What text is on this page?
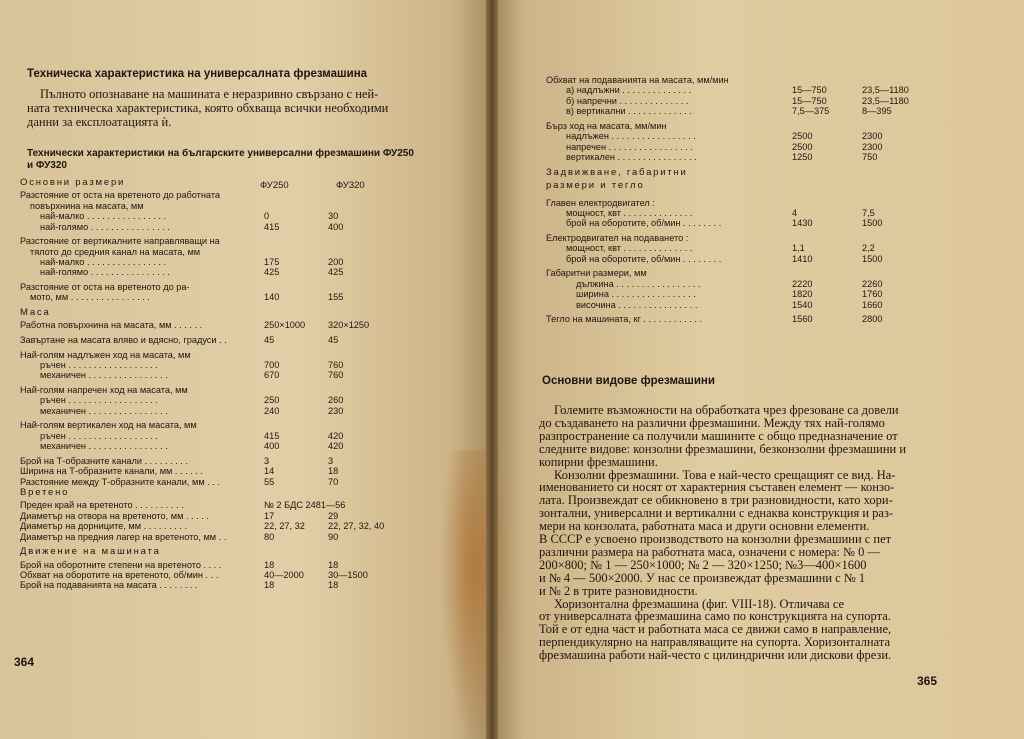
Техническа характеристика на универсалната фрезмашина
Пълното опознаване на машината е неразривно свързано с ней-
ната техническа характеристика, която обхваща всички необходими
данни за експлоатацията ѝ.
Технически характеристики на българските универсални фрезмашини ФУ250
и ФУ320
ФУ250	ФУ320
Основни размери
Разстояние от оста на вретеното до работната
повърхнина на масата, мм
най-малко . . . . . . . . . . . . . . . .	0	30
най-голямо . . . . . . . . . . . . . . . .	415	400
Разстояние от вертикалните направляващи на
тялото до средния канал на масата, мм
най-малко . . . . . . . . . . . . . . . .	175	200
най-голямо . . . . . . . . . . . . . . . .	425	425
Разстояние от оста на вретеното до ра-
мото, мм . . . . . . . . . . . . . . . .	140	155
Маса
Работна повърхнина на масата, мм . . . . . .	250×1000 320×1250
Завъртане на масата вляво и вдясно, градуси . .	45	45
Най-голям надлъжен ход на масата, мм
ръчен . . . . . . . . . . . . . . . . . .	700	760
механичен . . . . . . . . . . . . . . . .	670	760
Най-голям напречен ход на масата, мм
ръчен . . . . . . . . . . . . . . . . . .	250	260
механичен . . . . . . . . . . . . . . . .	240	230
Най-голям вертикален ход на масата, мм
ръчен . . . . . . . . . . . . . . . . . .	415	420
механичен . . . . . . . . . . . . . . . .	400	420
Брой на Т-образните канали . . . . . . . . .	3	3
Ширина на Т-образните канали, мм . . . . . .	14	18
Разстояние между Т-образните канали, мм . . .	55	70
Вретено
Преден край на вретеното . . . . . . . . . .	№ 2 БДС 2481—56
Диаметър на отвора на вретеното, мм . . . . .	17	29
Диаметър на дорниците, мм . . . . . . . . .	22, 27, 32	22, 27, 32, 40
Диаметър на предния лагер на вретеното, мм . .	80	90
Движение на машината
Брой на оборотните степени на вретеното . . . .	18	18
Обхват на оборотите на вретеното, об/мин . . .	40—2000	30—1500
Брой на подаванията на масата . . . . . . . .	18	18
364
Обхват на подаванията на масата, мм/мин
а) надлъжни . . . . . . . . . . . . . .	15—750	23,5—1180
б) напречни . . . . . . . . . . . . . .	15—750	23,5—1180
в) вертикални . . . . . . . . . . . . .	7,5—375	8—395
Бърз ход на масата, мм/мин
надлъжен . . . . . . . . . . . . . . . . .	2500	2300
напречен . . . . . . . . . . . . . . . . .	2500	2300
вертикален . . . . . . . . . . . . . . . .	1250	750
Задвижване, габаритни
размери и тегло
Главен електродвигател :
мощност, квт . . . . . . . . . . . . . .	4	7,5
брой на оборотите, об/мин . . . . . . . .	1430	1500
Електродвигател на подаването :
мощност, квт . . . . . . . . . . . . . .	1,1	2,2
брой на оборотите, об/мин . . . . . . . .	1410	1500
Габаритни размери, мм
дължина . . . . . . . . . . . . . . . . .	2220	2260
ширина . . . . . . . . . . . . . . . . .	1820	1760
височина . . . . . . . . . . . . . . . .	1540	1660
Тегло на машината, кг . . . . . . . . . . . .	1560	2800
Основни видове фрезмашини
Големите възможности на обработката чрез фрезоване са довели
до създаването на различни фрезмашини. Между тях най-голямо
разпространение са получили машините с общо предназначение от
следните видове: конзолни фрезмашини, безконзолни фрезмашини и
копирни фрезмашини.
Конзолни фрезмашини. Това е най-често срещащият се вид. На-
именованието си носят от характерния съставен елемент — конзо-
лата. Произвеждат се обикновено в три разновидности, като хори-
зонтални, универсални и вертикални с еднаква конструкция и раз-
мери на конзолата, работната маса и други основни елементи.
В СССР е усвоено производството на конзолни фрезмашини с пет
различни размера на работната маса, означени с номера: № 0 —
200×800; № 1 — 250×1000; № 2 — 320×1250; №3—400×1600
и № 4 — 500×2000. У нас се произвеждат фрезмашини с № 1
и № 2 в трите разновидности.
Хоризонтална фрезмашина (фиг. VIII-18). Отличава се
от универсалната фрезмашина само по конструкцията на супорта.
Той е от една част и работната маса се движи само в направление,
перпендикулярно на направляващите на супорта. Хоризонталната
фрезмашина работи най-често с цилиндрични или дискови фрези.
365
